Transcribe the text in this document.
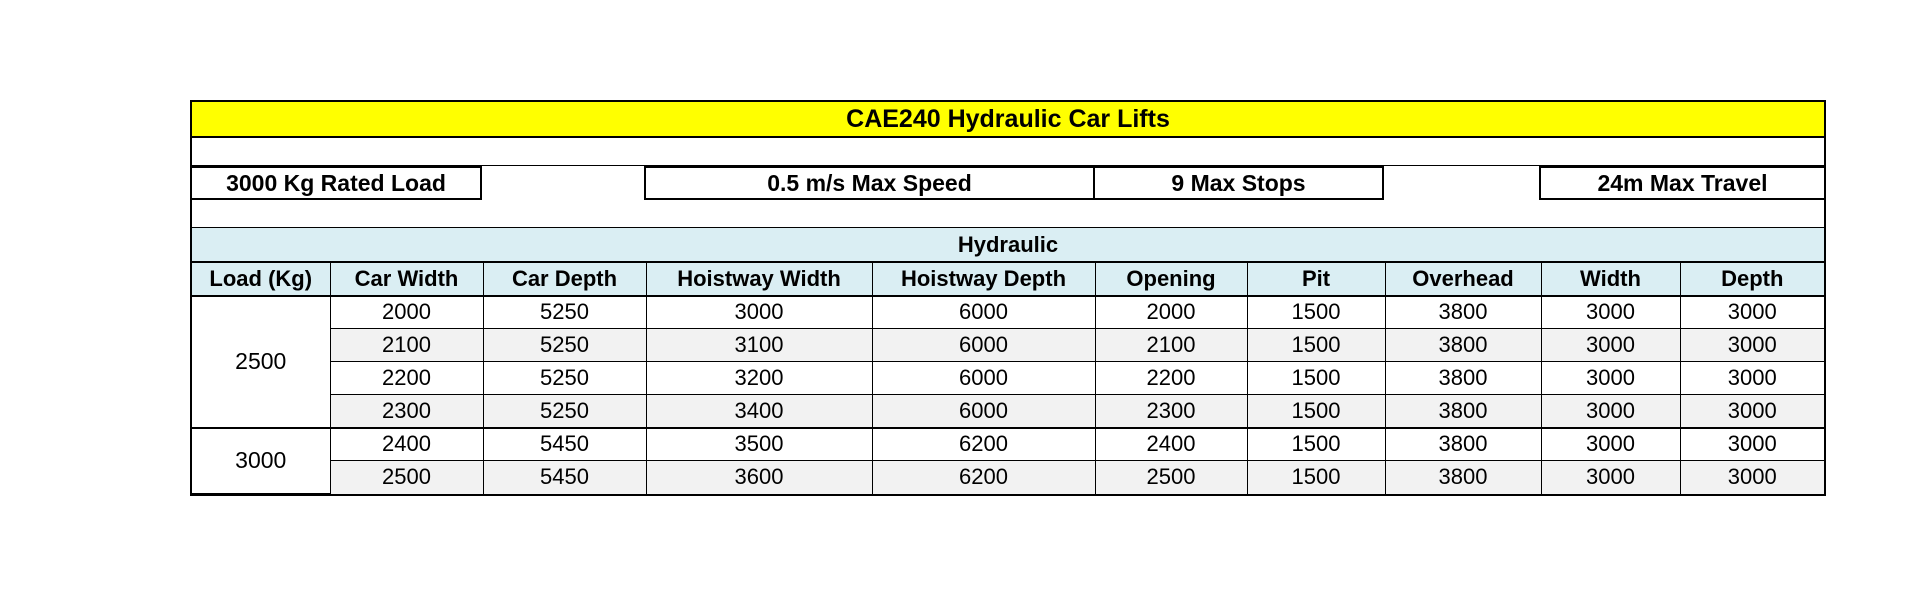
CAE240 Hydraulic Car Lifts
3000 Kg Rated Load	0.5 m/s Max Speed	9 Max Stops	24m Max Travel
Hydraulic
Load (Kg)	Car Width	Car Depth	Hoistway Width	Hoistway Depth	Opening	Pit	Overhead	Width	Depth
2500	2000	5250	3000	6000	2000	1500	3800	3000	3000
	2100	5250	3100	6000	2100	1500	3800	3000	3000
	2200	5250	3200	6000	2200	1500	3800	3000	3000
	2300	5250	3400	6000	2300	1500	3800	3000	3000
3000	2400	5450	3500	6200	2400	1500	3800	3000	3000
	2500	5450	3600	6200	2500	1500	3800	3000	3000
